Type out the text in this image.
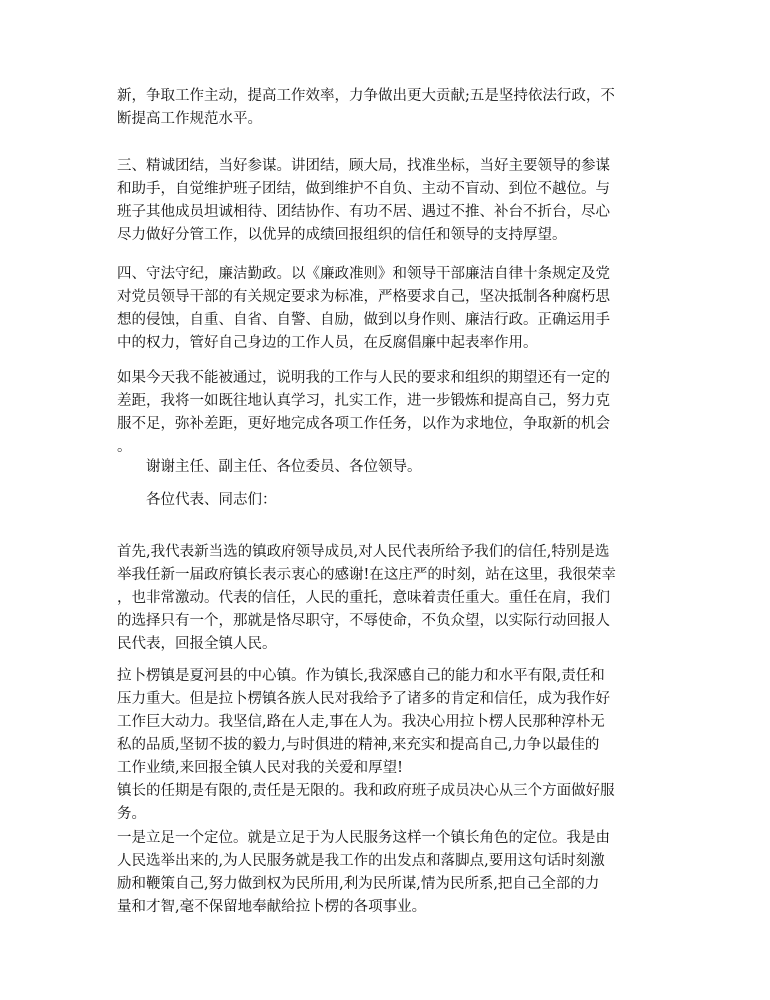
新，争取工作主动，提高工作效率，力争做出更大贡献;五是坚持依法行政，不
断提高工作规范水平。

三、精诚团结，当好参谋。讲团结，顾大局，找准坐标，当好主要领导的参谋
和助手，自觉维护班子团结，做到维护不自负、主动不盲动、到位不越位。与
班子其他成员坦诚相待、团结协作、有功不居、遇过不推、补台不折台，尽心
尽力做好分管工作，以优异的成绩回报组织的信任和领导的支持厚望。

四、守法守纪，廉洁勤政。以《廉政准则》和领导干部廉洁自律十条规定及党
对党员领导干部的有关规定要求为标准，严格要求自己，坚决抵制各种腐朽思
想的侵蚀，自重、自省、自警、自励，做到以身作则、廉洁行政。正确运用手
中的权力，管好自己身边的工作人员，在反腐倡廉中起表率作用。

如果今天我不能被通过，说明我的工作与人民的要求和组织的期望还有一定的
差距，我将一如既往地认真学习，扎实工作，进一步锻炼和提高自己，努力克
服不足，弥补差距，更好地完成各项工作任务，以作为求地位，争取新的机会
。

谢谢主任、副主任、各位委员、各位领导。

各位代表、同志们：

首先,我代表新当选的镇政府领导成员,对人民代表所给予我们的信任,特别是选
举我任新一届政府镇长表示衷心的感谢!在这庄严的时刻，站在这里，我很荣幸
，也非常激动。代表的信任，人民的重托，意味着责任重大。重任在肩，我们
的选择只有一个，那就是恪尽职守，不辱使命，不负众望，以实际行动回报人
民代表，回报全镇人民。

拉卜楞镇是夏河县的中心镇。作为镇长,我深感自己的能力和水平有限,责任和
压力重大。但是拉卜楞镇各族人民对我给予了诸多的肯定和信任，成为我作好
工作巨大动力。我坚信,路在人走,事在人为。我决心用拉卜楞人民那种淳朴无
私的品质,坚韧不拔的毅力,与时俱进的精神,来充实和提高自己,力争以最佳的
工作业绩,来回报全镇人民对我的关爱和厚望!
镇长的任期是有限的,责任是无限的。我和政府班子成员决心从三个方面做好服
务。

一是立足一个定位。就是立足于为人民服务这样一个镇长角色的定位。我是由
人民选举出来的,为人民服务就是我工作的出发点和落脚点,要用这句话时刻激
励和鞭策自己,努力做到权为民所用,利为民所谋,情为民所系,把自己全部的力
量和才智,毫不保留地奉献给拉卜楞的各项事业。
